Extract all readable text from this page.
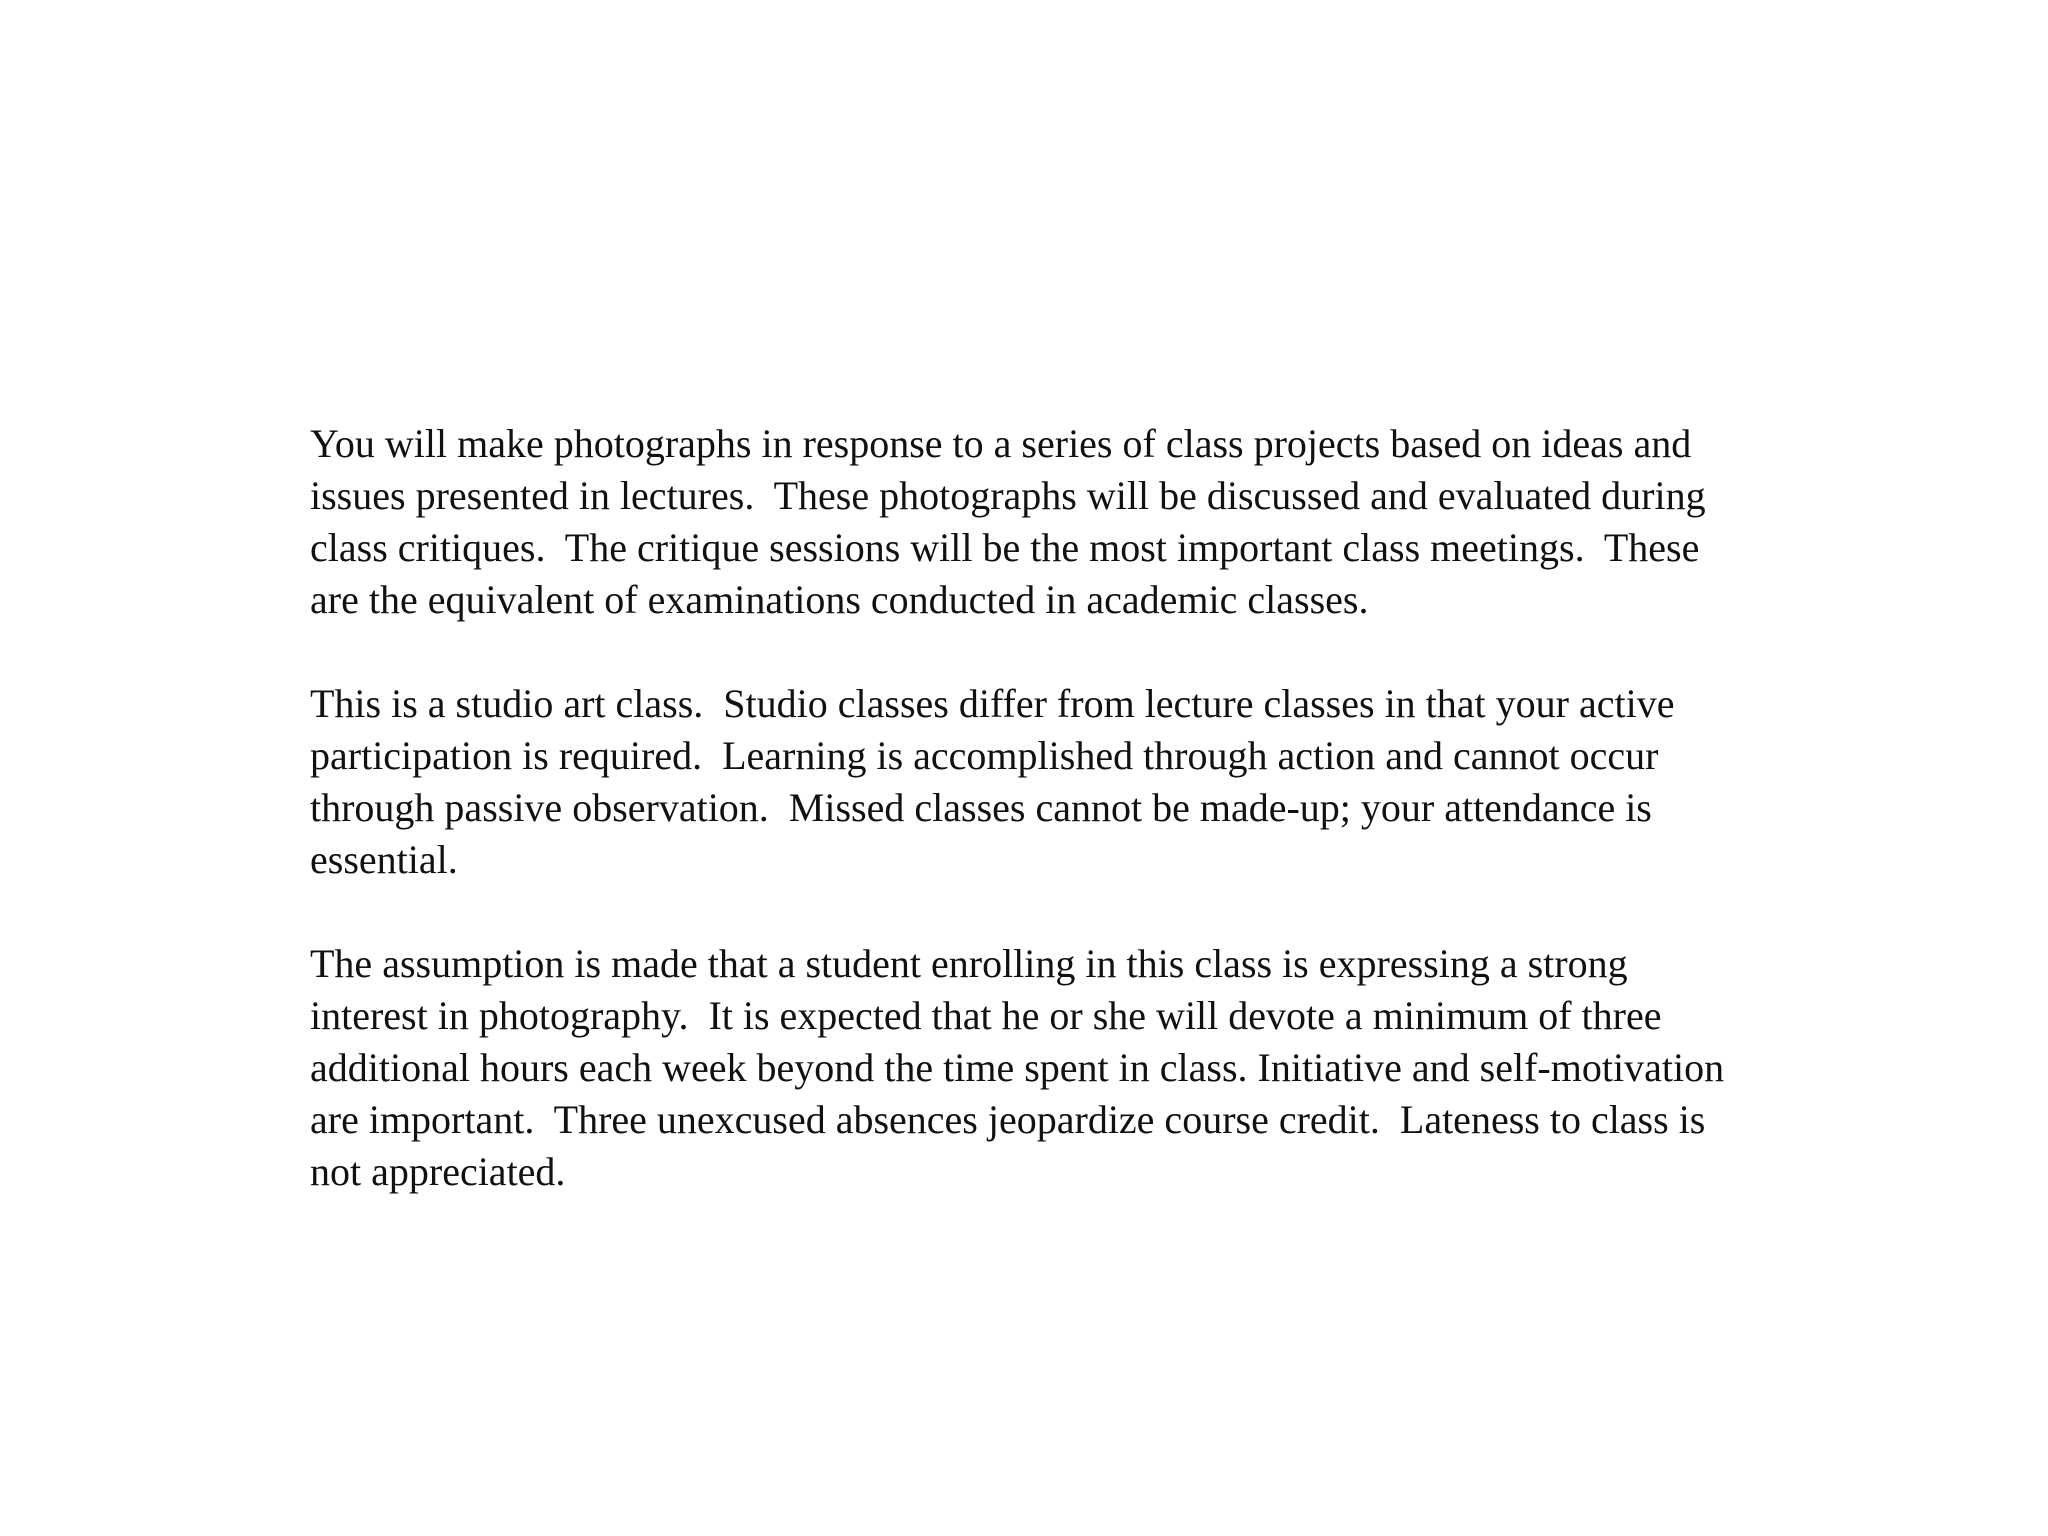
You will make photographs in response to a series of class projects based on ideas and
issues presented in lectures.  These photographs will be discussed and evaluated during
class critiques.  The critique sessions will be the most important class meetings.  These
are the equivalent of examinations conducted in academic classes.

This is a studio art class.  Studio classes differ from lecture classes in that your active
participation is required.  Learning is accomplished through action and cannot occur
through passive observation.  Missed classes cannot be made-up; your attendance is
essential.

The assumption is made that a student enrolling in this class is expressing a strong
interest in photography.  It is expected that he or she will devote a minimum of three
additional hours each week beyond the time spent in class. Initiative and self-motivation
are important.  Three unexcused absences jeopardize course credit.  Lateness to class is
not appreciated.
